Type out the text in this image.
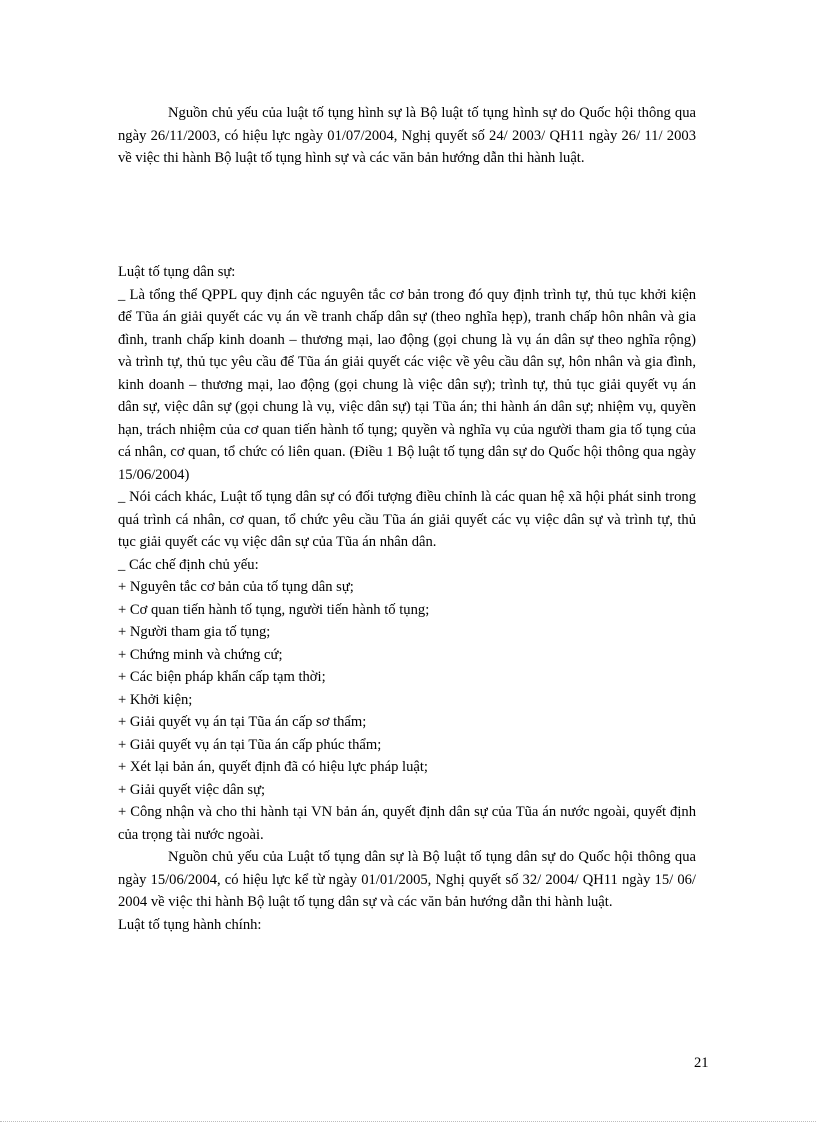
Nguồn chủ yếu của luật tố tụng hình sự là Bộ luật tố tụng hình sự do Quốc hội thông qua ngày 26/11/2003, có hiệu lực ngày 01/07/2004, Nghị quyết số 24/ 2003/ QH11 ngày 26/ 11/ 2003 về việc thi hành Bộ luật tố tụng hình sự và các văn bản hướng dẫn thi hành luật.

Luật tố tụng dân sự:

_ Là tổng thể QPPL quy định các nguyên tắc cơ bản trong đó quy định trình tự, thủ tục khởi kiện để Tũa án giải quyết các vụ án về tranh chấp dân sự (theo nghĩa hẹp), tranh chấp hôn nhân và gia đình, tranh chấp kinh doanh – thương mại, lao động (gọi chung là vụ án dân sự theo nghĩa rộng) và trình tự, thủ tục yêu cầu để Tũa án giải quyết các việc về yêu cầu dân sự, hôn nhân và gia đình, kinh doanh – thương mại, lao động (gọi chung là việc dân sự); trình tự, thủ tục giải quyết vụ án dân sự, việc dân sự (gọi chung là vụ, việc dân sự) tại Tũa án; thi hành án dân sự; nhiệm vụ, quyền hạn, trách nhiệm của cơ quan tiến hành tố tụng; quyền và nghĩa vụ của người tham gia tố tụng của cá nhân, cơ quan, tổ chức có liên quan. (Điều 1 Bộ luật tố tụng dân sự do Quốc hội thông qua ngày 15/06/2004)

_ Nói cách khác, Luật tố tụng dân sự có đối tượng điều chỉnh là các quan hệ xã hội phát sinh trong quá trình cá nhân, cơ quan, tổ chức yêu cầu Tũa án giải quyết các vụ việc dân sự và trình tự, thủ tục giải quyết các vụ việc dân sự của Tũa án nhân dân.

_ Các chế định chủ yếu:

+ Nguyên tắc cơ bản của tố tụng dân sự;

+ Cơ quan tiến hành tố tụng, người tiến hành tố tụng;

+ Người tham gia tố tụng;

+ Chứng minh và chứng cứ;

+ Các biện pháp khẩn cấp tạm thời;

+ Khởi kiện;

+ Giải quyết vụ án tại Tũa án cấp sơ thẩm;

+ Giải quyết vụ án tại Tũa án cấp phúc thẩm;

+ Xét lại bản án, quyết định đã có hiệu lực pháp luật;

+ Giải quyết việc dân sự;

+ Công nhận và cho thi hành tại VN bản án, quyết định dân sự của Tũa án nước ngoài, quyết định của trọng tài nước ngoài.

Nguồn chủ yếu của Luật tố tụng dân sự là Bộ luật tố tụng dân sự do Quốc hội thông qua ngày 15/06/2004, có hiệu lực kể từ ngày 01/01/2005, Nghị quyết số 32/ 2004/ QH11 ngày 15/ 06/ 2004 về việc thi hành Bộ luật tố tụng dân sự và các văn bản hướng dẫn thi hành luật.

Luật tố tụng hành chính:

21
